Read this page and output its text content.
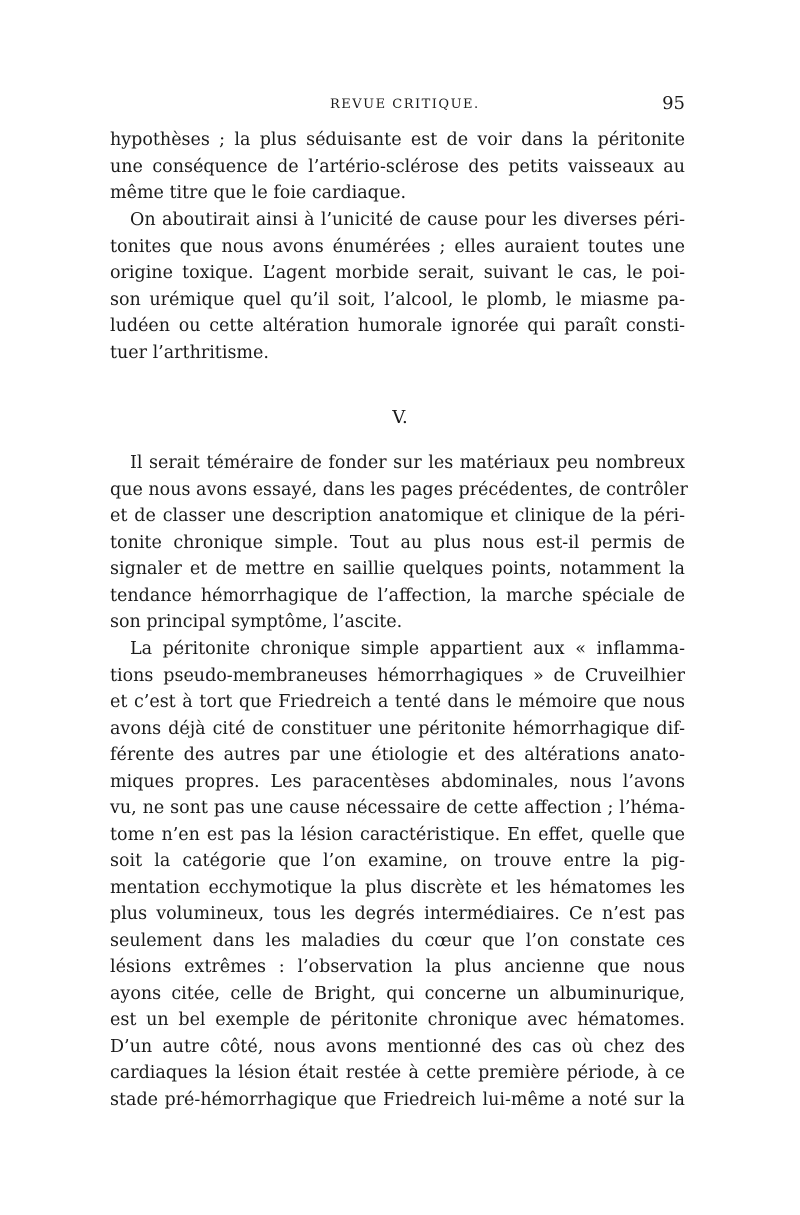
REVUE CRITIQUE.	95
hypothèses ; la plus séduisante est de voir dans la péritonite
une conséquence de l’artério-sclérose des petits vaisseaux au
même titre que le foie cardiaque.
On aboutirait ainsi à l’unicité de cause pour les diverses péri-
tonites que nous avons énumérées ; elles auraient toutes une
origine toxique. L’agent morbide serait, suivant le cas, le poi-
son urémique quel qu’il soit, l’alcool, le plomb, le miasme pa-
ludéen ou cette altération humorale ignorée qui paraît consti-
tuer l’arthritisme.
V.
Il serait téméraire de fonder sur les matériaux peu nombreux
que nous avons essayé, dans les pages précédentes, de contrôler
et de classer une description anatomique et clinique de la péri-
tonite chronique simple. Tout au plus nous est-il permis de
signaler et de mettre en saillie quelques points, notamment la
tendance hémorrhagique de l’affection, la marche spéciale de
son principal symptôme, l’ascite.
La péritonite chronique simple appartient aux « inflamma-
tions pseudo-membraneuses hémorrhagiques » de Cruveilhier
et c’est à tort que Friedreich a tenté dans le mémoire que nous
avons déjà cité de constituer une péritonite hémorrhagique dif-
férente des autres par une étiologie et des altérations anato-
miques propres. Les paracentèses abdominales, nous l’avons
vu, ne sont pas une cause nécessaire de cette affection ; l’héma-
tome n’en est pas la lésion caractéristique. En effet, quelle que
soit la catégorie que l’on examine, on trouve entre la pig-
mentation ecchymotique la plus discrète et les hématomes les
plus volumineux, tous les degrés intermédiaires. Ce n’est pas
seulement dans les maladies du cœur que l’on constate ces
lésions extrêmes : l’observation la plus ancienne que nous
ayons citée, celle de Bright, qui concerne un albuminurique,
est un bel exemple de péritonite chronique avec hématomes.
D’un autre côté, nous avons mentionné des cas où chez des
cardiaques la lésion était restée à cette première période, à ce
stade pré-hémorrhagique que Friedreich lui-même a noté sur la
